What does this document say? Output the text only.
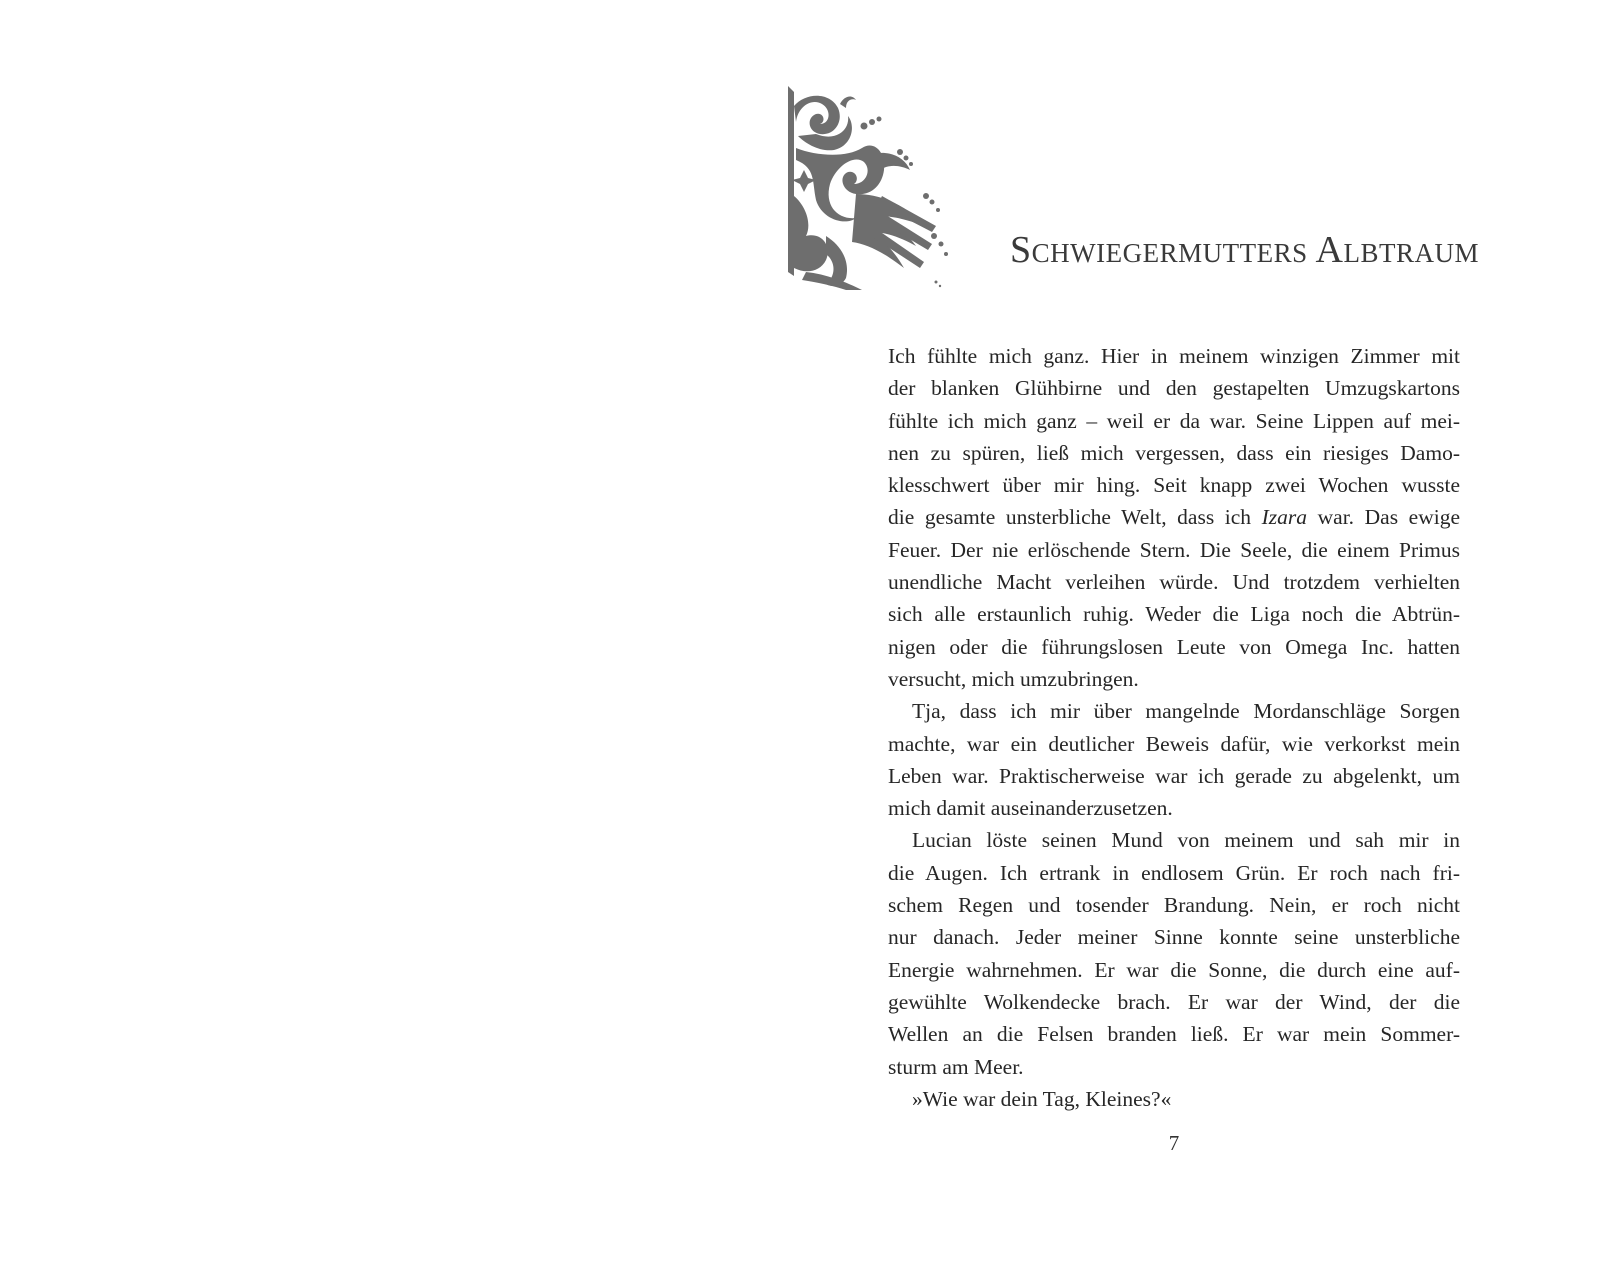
Schwiegermutters Albtraum
Ich fühlte mich ganz. Hier in meinem winzigen Zimmer mit
der blanken Glühbirne und den gestapelten Umzugskartons
fühlte ich mich ganz – weil er da war. Seine Lippen auf mei-
nen zu spüren, ließ mich vergessen, dass ein riesiges Damo-
klesschwert über mir hing. Seit knapp zwei Wochen wusste
die gesamte unsterbliche Welt, dass ich Izara war. Das ewige
Feuer. Der nie erlöschende Stern. Die Seele, die einem Primus
unendliche Macht verleihen würde. Und trotzdem verhielten
sich alle erstaunlich ruhig. Weder die Liga noch die Abtrün-
nigen oder die führungslosen Leute von Omega Inc. hatten
versucht, mich umzubringen.
Tja, dass ich mir über mangelnde Mordanschläge Sorgen
machte, war ein deutlicher Beweis dafür, wie verkorkst mein
Leben war. Praktischerweise war ich gerade zu abgelenkt, um
mich damit auseinanderzusetzen.
Lucian löste seinen Mund von meinem und sah mir in
die Augen. Ich ertrank in endlosem Grün. Er roch nach fri-
schem Regen und tosender Brandung. Nein, er roch nicht
nur danach. Jeder meiner Sinne konnte seine unsterbliche
Energie wahrnehmen. Er war die Sonne, die durch eine auf-
gewühlte Wolkendecke brach. Er war der Wind, der die
Wellen an die Felsen branden ließ. Er war mein Sommer-
sturm am Meer.
»Wie war dein Tag, Kleines?«
7
